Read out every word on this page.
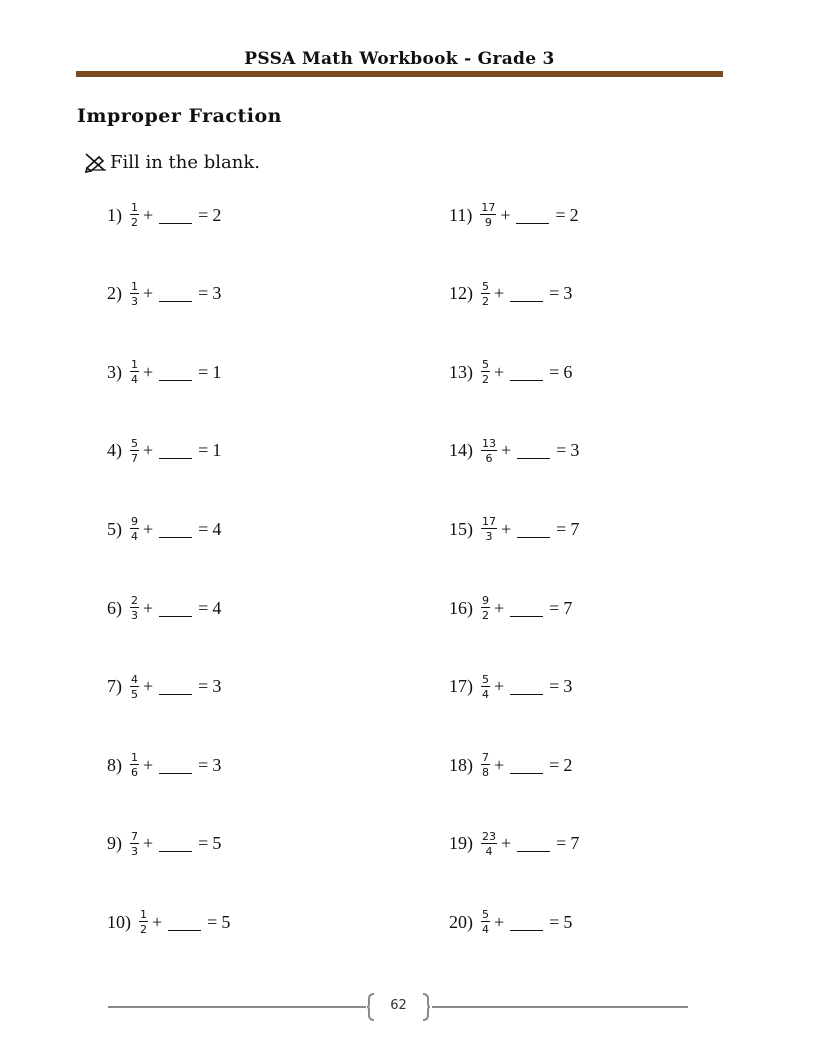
PSSA Math Workbook - Grade 3
Improper Fraction
Fill in the blank.
$1) \frac{1}{2}$ +	= 2
$2) \frac{1}{3}$ +	= 3
$3) \frac{1}{4}$ +	= 1
$4) \frac{5}{7}$ +	= 1
$5) \frac{9}{4}$ +	= 4
$6) \frac{2}{3}$ +	= 4
$7) \frac{4}{5}$ +	= 3
$8) \frac{1}{6}$ +	= 3
$9) \frac{7}{3}$ +	= 5
$10) \frac{1}{2}$ +	= 5
$11) \frac{17}{9}$ +	= 2
$12) \frac{5}{2}$ +	= 3
$13) \frac{5}{2}$ +	= 6
$14) \frac{13}{6}$ +	= 3
$15) \frac{17}{3}$ +	= 7
$16) \frac{9}{2}$ +	= 7
$17) \frac{5}{4}$ +	= 3
$18) \frac{7}{8}$ +	= 2
$19) \frac{23}{4}$ +	= 7
$20) \frac{5}{4}$ +	= 5
62
